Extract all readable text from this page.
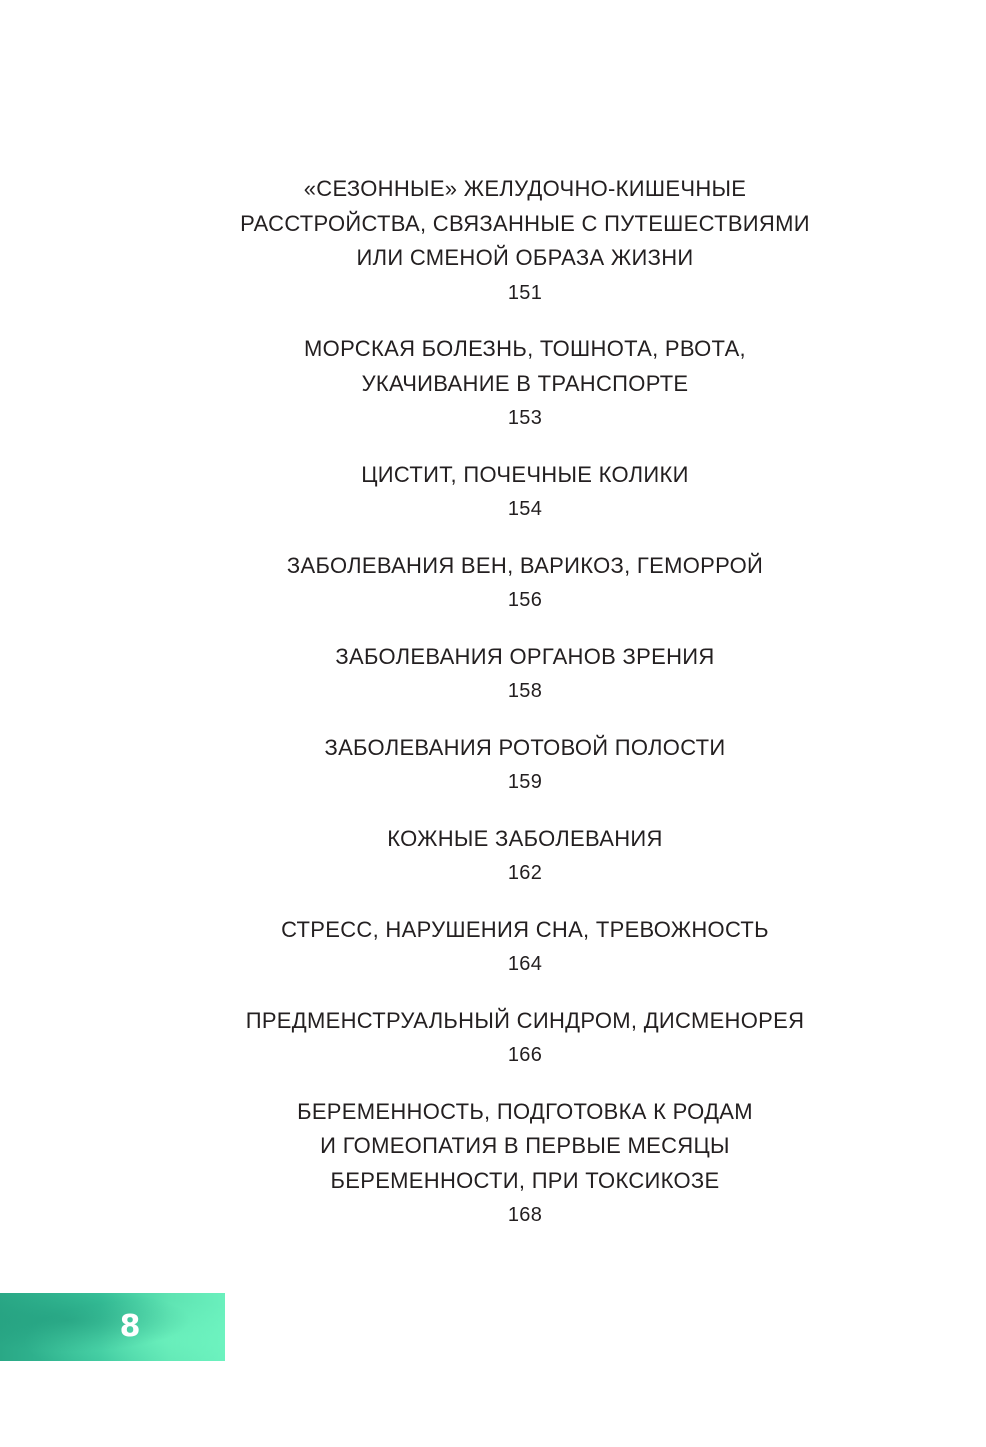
«СЕЗОННЫЕ» ЖЕЛУДОЧНО-КИШЕЧНЫЕ
РАССТРОЙСТВА, СВЯЗАННЫЕ С ПУТЕШЕСТВИЯМИ
ИЛИ СМЕНОЙ ОБРАЗА ЖИЗНИ
151
МОРСКАЯ БОЛЕЗНЬ, ТОШНОТА, РВОТА,
УКАЧИВАНИЕ В ТРАНСПОРТЕ
153
ЦИСТИТ, ПОЧЕЧНЫЕ КОЛИКИ
154
ЗАБОЛЕВАНИЯ ВЕН, ВАРИКОЗ, ГЕМОРРОЙ
156
ЗАБОЛЕВАНИЯ ОРГАНОВ ЗРЕНИЯ
158
ЗАБОЛЕВАНИЯ РОТОВОЙ ПОЛОСТИ
159
КОЖНЫЕ ЗАБОЛЕВАНИЯ
162
СТРЕСС, НАРУШЕНИЯ СНА, ТРЕВОЖНОСТЬ
164
ПРЕДМЕНСТРУАЛЬНЫЙ СИНДРОМ, ДИСМЕНОРЕЯ
166
БЕРЕМЕННОСТЬ, ПОДГОТОВКА К РОДАМ
И ГОМЕОПАТИЯ В ПЕРВЫЕ МЕСЯЦЫ
БЕРЕМЕННОСТИ, ПРИ ТОКСИКОЗЕ
168
8
